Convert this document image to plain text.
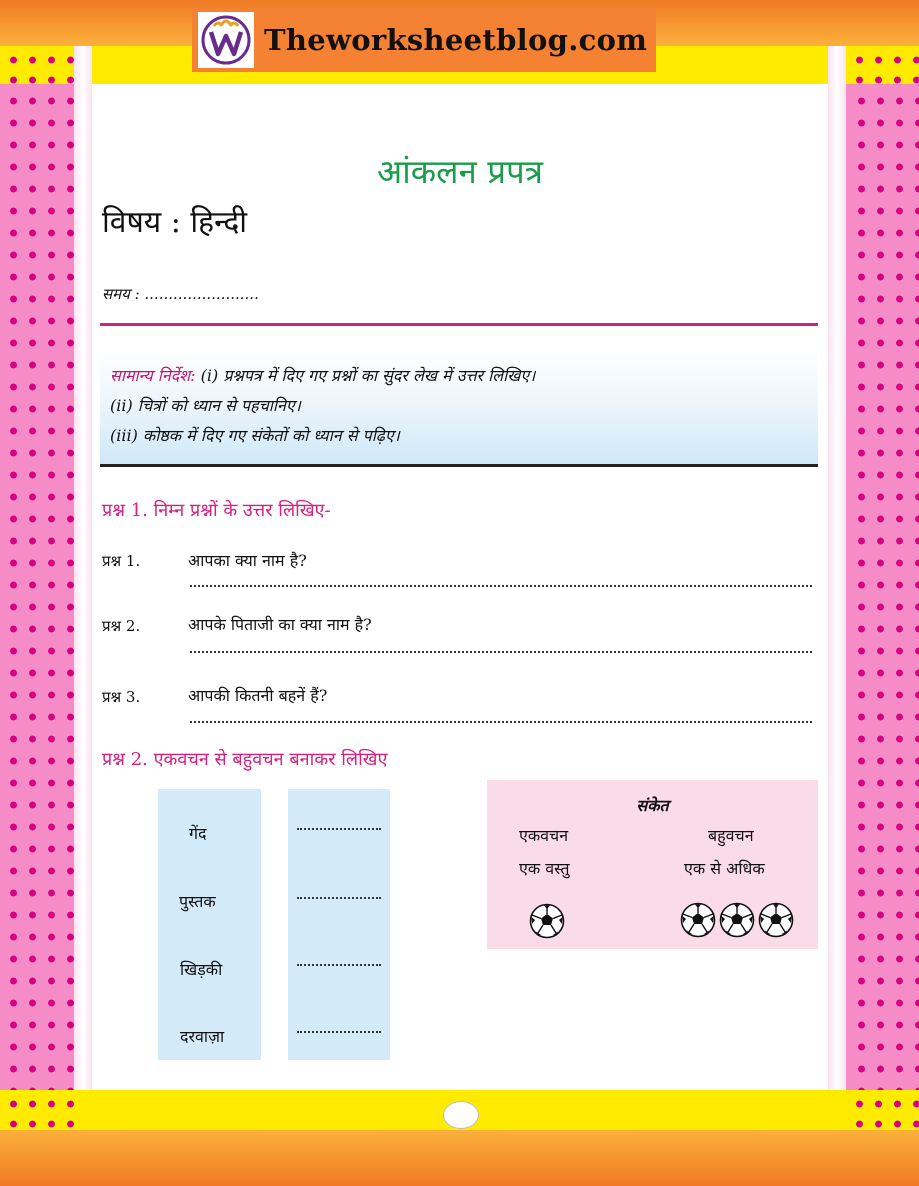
Theworksheetblog.com
आंकलन प्रपत्र
विषय : हिन्दी
समय : ........................
सामान्य निर्देश: (i) प्रश्नपत्र में दिए गए प्रश्नों का सुंदर लेख में उत्तर लिखिए।
(ii) चित्रों को ध्यान से पहचानिए।
(iii) कोष्ठक में दिए गए संकेतों को ध्यान से पढ़िए।
प्रश्न 1. निम्न प्रश्नों के उत्तर लिखिए-
प्रश्न 1.	आपका क्या नाम है?
प्रश्न 2.	आपके पिताजी का क्या नाम है?
प्रश्न 3.	आपकी कितनी बहनें हैं?
प्रश्न 2. एकवचन से बहुवचन बनाकर लिखिए
गेंद
पुस्तक
खिड़की
दरवाज़ा
संकेत
एकवचन	बहुवचन
एक वस्तु	एक से अधिक
